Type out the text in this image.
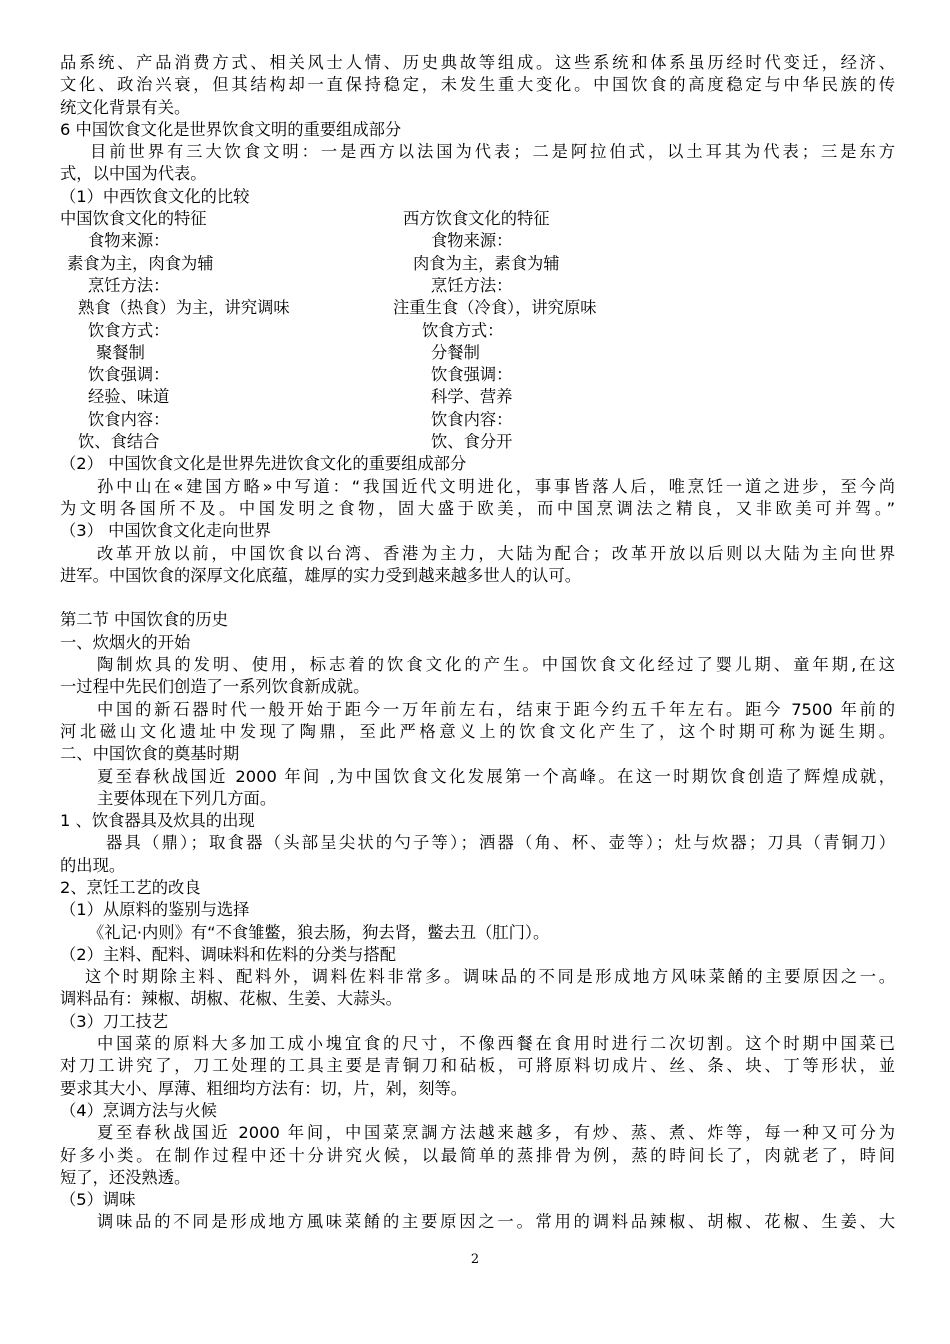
品系统、产品消费方式、相关风士人情、历史典故等组成。这些系统和体系虽历经时代变迁，经济、
文化、政治兴衰，但其结构却一直保持稳定，未发生重大变化。中国饮食的高度稳定与中华民族的传
统文化背景有关。
6 中国饮食文化是世界饮食文明的重要组成部分
目前世界有三大饮食文明：一是西方以法国为代表；二是阿拉伯式，以土耳其为代表；三是东方
式，以中国为代表。
（1）中西饮食文化的比较
中国饮食文化的特征	西方饮食文化的特征
食物来源：	食物来源：
素食为主，肉食为辅	肉食为主，素食为辅
烹饪方法：	烹饪方法：
熟食（热食）为主，讲究调味	注重生食（冷食），讲究原味
饮食方式：	饮食方式：
聚餐制	分餐制
饮食强调：	饮食强调：
经验、味道	科学、营养
饮食内容：	饮食内容：
饮、食结合	饮、食分开
（2） 中国饮食文化是世界先进饮食文化的重要组成部分
孙中山在«建国方略»中写道：“我国近代文明进化，事事皆落人后，唯烹饪一道之进步，至今尚
为文明各国所不及。中国发明之食物，固大盛于欧美，而中国烹调法之精良，又非欧美可并驾。”
（3） 中国饮食文化走向世界
改革开放以前，中国饮食以台湾、香港为主力，大陆为配合；改革开放以后则以大陆为主向世界
进军。中国饮食的深厚文化底蕴，雄厚的实力受到越来越多世人的认可。
第二节 中国饮食的历史
一、炊烟火的开始
陶制炊具的发明、使用，标志着的饮食文化的产生。中国饮食文化经过了婴儿期、童年期,在这
一过程中先民们创造了一系列饮食新成就。
中国的新石器时代一般开始于距今一万年前左右，结束于距今约五千年左右。距今 7500 年前的
河北磁山文化遗址中发现了陶鼎，至此严格意义上的饮食文化产生了，这个时期可称为诞生期。
二、中国饮食的奠基时期
夏至春秋战国近 2000 年间 ,为中国饮食文化发展第一个高峰。在这一时期饮食创造了辉煌成就，
主要体现在下列几方面。
1 、饮食器具及炊具的出现
器具（鼎）；取食器（头部呈尖状的勺子等）；酒器（角、杯、壶等）；灶与炊器；刀具（青铜刀）
的出现。
2、烹饪工艺的改良
（1）从原料的鉴别与选择
《礼记·内则》有“不食雏鳖，狼去肠，狗去肾，鳖去丑（肛门）。
（2）主料、配料、调味料和佐料的分类与搭配
这个时期除主料、配料外，调料佐料非常多。调味品的不同是形成地方风味菜餚的主要原因之一。
调料品有：辣椒、胡椒、花椒、生姜、大蒜头。
（3）刀工技艺
中国菜的原料大多加工成小塊宜食的尺寸，不像西餐在食用时进行二次切割。这个时期中国菜已
对刀工讲究了，刀工处理的工具主要是青铜刀和砧板，可將原料切成片、丝、条、块、丁等形状，並
要求其大小、厚薄、粗细均方法有：切，片，剁，刻等。
（4）烹调方法与火候
夏至春秋战国近 2000 年间，中国菜烹調方法越来越多，有炒、蒸、煮、炸等，每一种又可分为
好多小类。在制作过程中还十分讲究火候，以最简单的蒸排骨为例，蒸的時间长了，肉就老了，時间
短了，还没熟透。
（5）调味
调味品的不同是形成地方風味菜餚的主要原因之一。常用的调料品辣椒、胡椒、花椒、生姜、大
2
